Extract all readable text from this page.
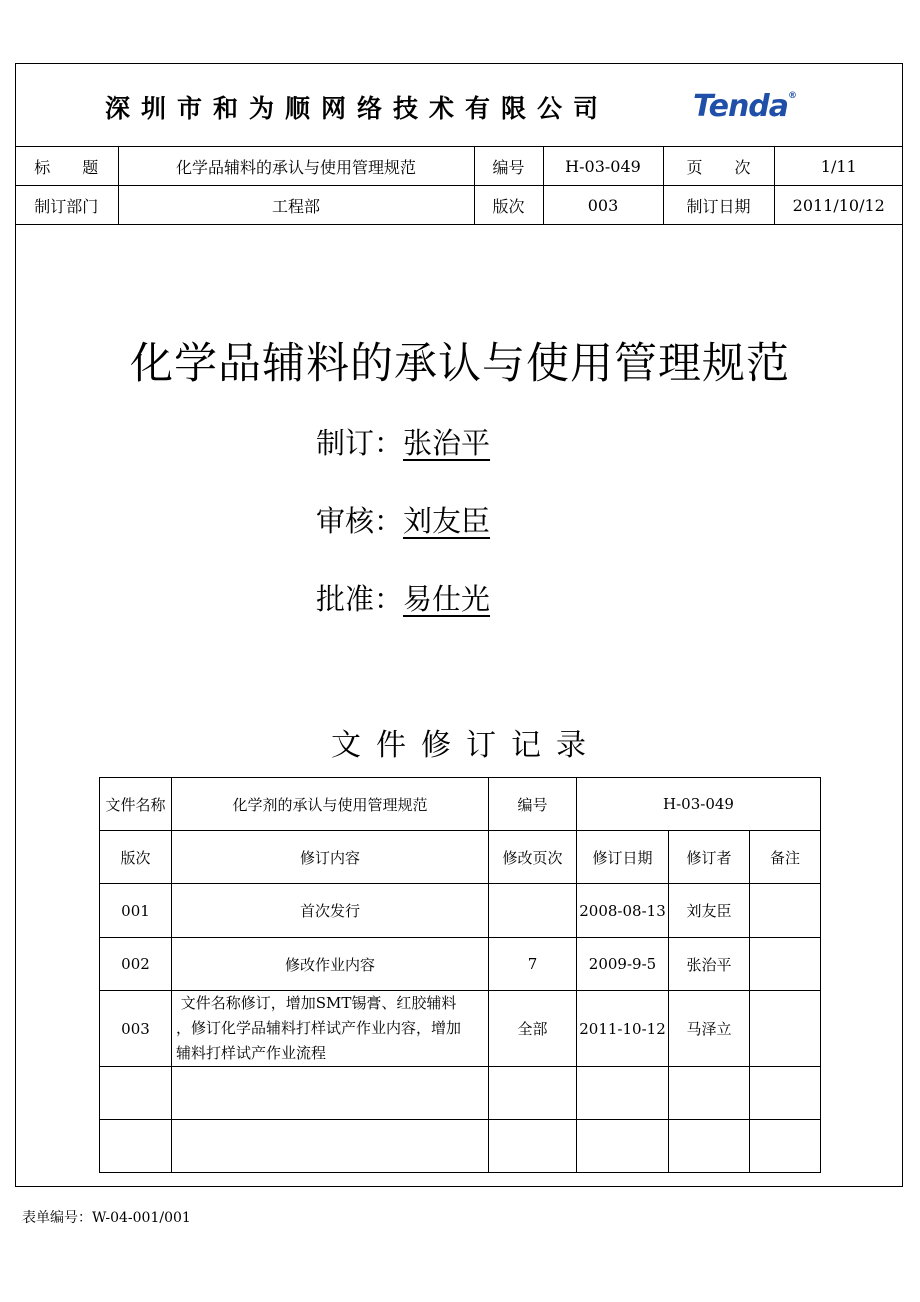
深圳市和为顺网络技术有限公司	Tenda®
标　　题	化学品辅料的承认与使用管理规范	编号	H-03-049	页　　次	1/11
制订部门	工程部	版次	003	制订日期	2011/10/12
化学品辅料的承认与使用管理规范
制订：张治平
审核：刘友臣
批准：易仕光
文件修订记录
文件名称	化学剂的承认与使用管理规范	编号	H-03-049		
版次	修订内容	修改页次	修订日期	修订者	备注
001	首次发行		2008-08-13	刘友臣	
002	修改作业内容	7	2009-9-5	张治平	
003	文件名称修订，增加SMT锡膏、红胶辅料
，修订化学品辅料打样试产作业内容，增加
辅料打样试产作业流程	全部	2011-10-12	马泽立	

表单编号：W-04-001/001
